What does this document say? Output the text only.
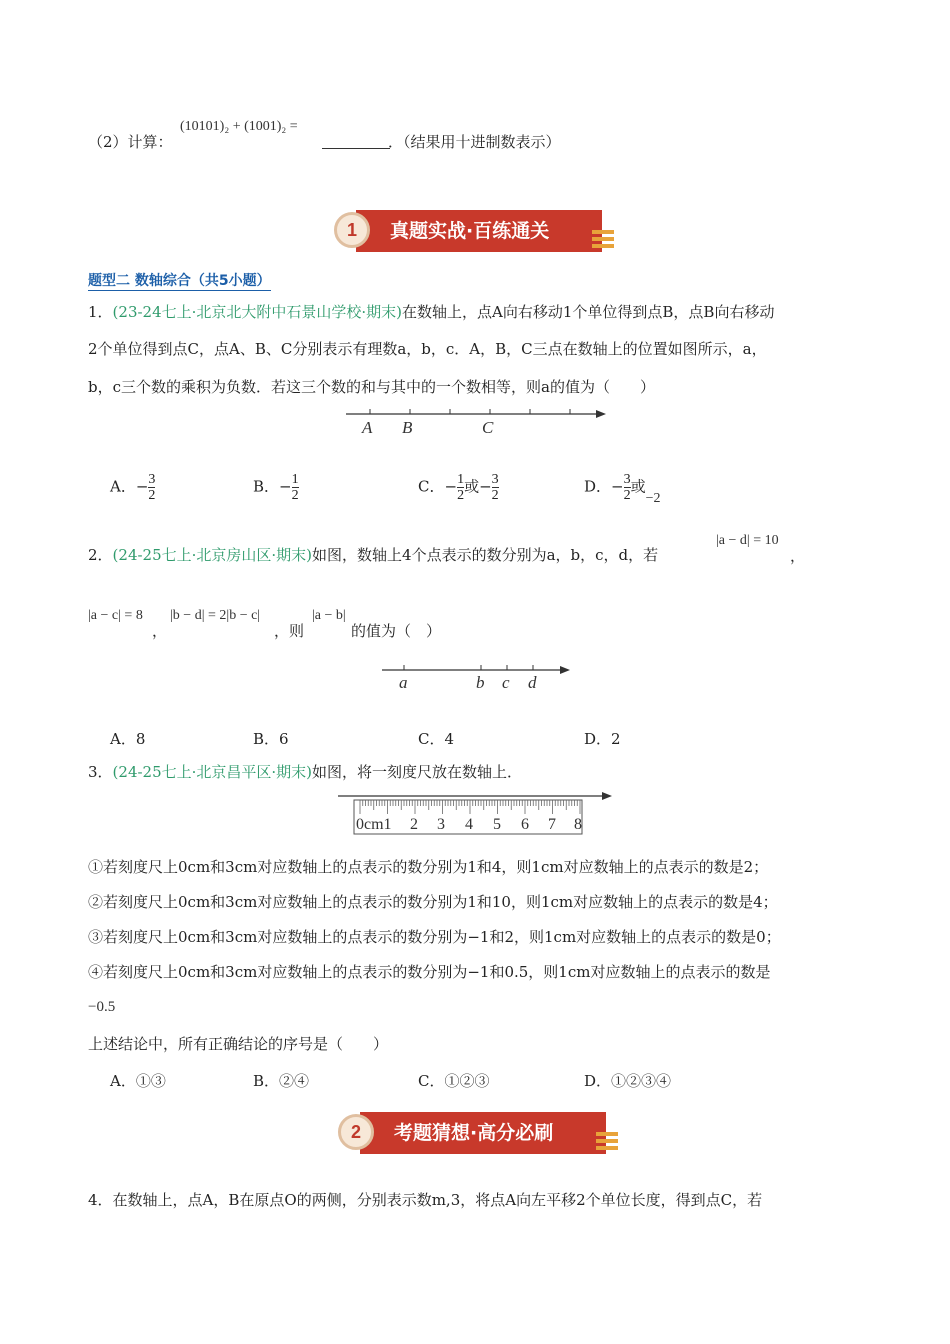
（2）计算：
(10101)₂ + (1001)₂ =
．（结果用十进制数表示）
真题实战·百练通关
1
题型二 数轴综合（共5小题）
1．(23-24七上·北京北大附中石景山学校·期末)在数轴上，点A向右移动1个单位得到点B，点B向右移动
2个单位得到点C，点A、B、C分别表示有理数a，b，c．A，B，C三点在数轴上的位置如图所示，a，
b，c三个数的乘积为负数．若这三个数的和与其中的一个数相等，则a的值为（　　）
A B	C
A．− $\frac{3}{2}$	B．− $\frac{1}{2}$	C．− $\frac{1}{2}$ 或− $\frac{3}{2}$	D．− $\frac{3}{2}$ 或−2
2．(24-25七上·北京房山区·期末)如图，数轴上4个点表示的数分别为a，b，c，d，若
|a − d| = 10
，
|a − c| = 8
，
|b − d| = 2|b − c|
，则
|a − b|
的值为（　）
a	b c d
A．8	B．6	C．4	D．2
3．(24-25七上·北京昌平区·期末)如图，将一刻度尺放在数轴上．
0cm1 2 3 4 5 6 7 8
①若刻度尺上0cm和3cm对应数轴上的点表示的数分别为1和4，则1cm对应数轴上的点表示的数是2；
②若刻度尺上0cm和3cm对应数轴上的点表示的数分别为1和10，则1cm对应数轴上的点表示的数是4；
③若刻度尺上0cm和3cm对应数轴上的点表示的数分别为−1和2，则1cm对应数轴上的点表示的数是0；
④若刻度尺上0cm和3cm对应数轴上的点表示的数分别为−1和0.5，则1cm对应数轴上的点表示的数是
−0.5
上述结论中，所有正确结论的序号是（　　）
A．①③	B．②④	C．①②③	D．①②③④
考题猜想·高分必刷
2
4．在数轴上，点A，B在原点O的两侧，分别表示数m,3，将点A向左平移2个单位长度，得到点C，若
